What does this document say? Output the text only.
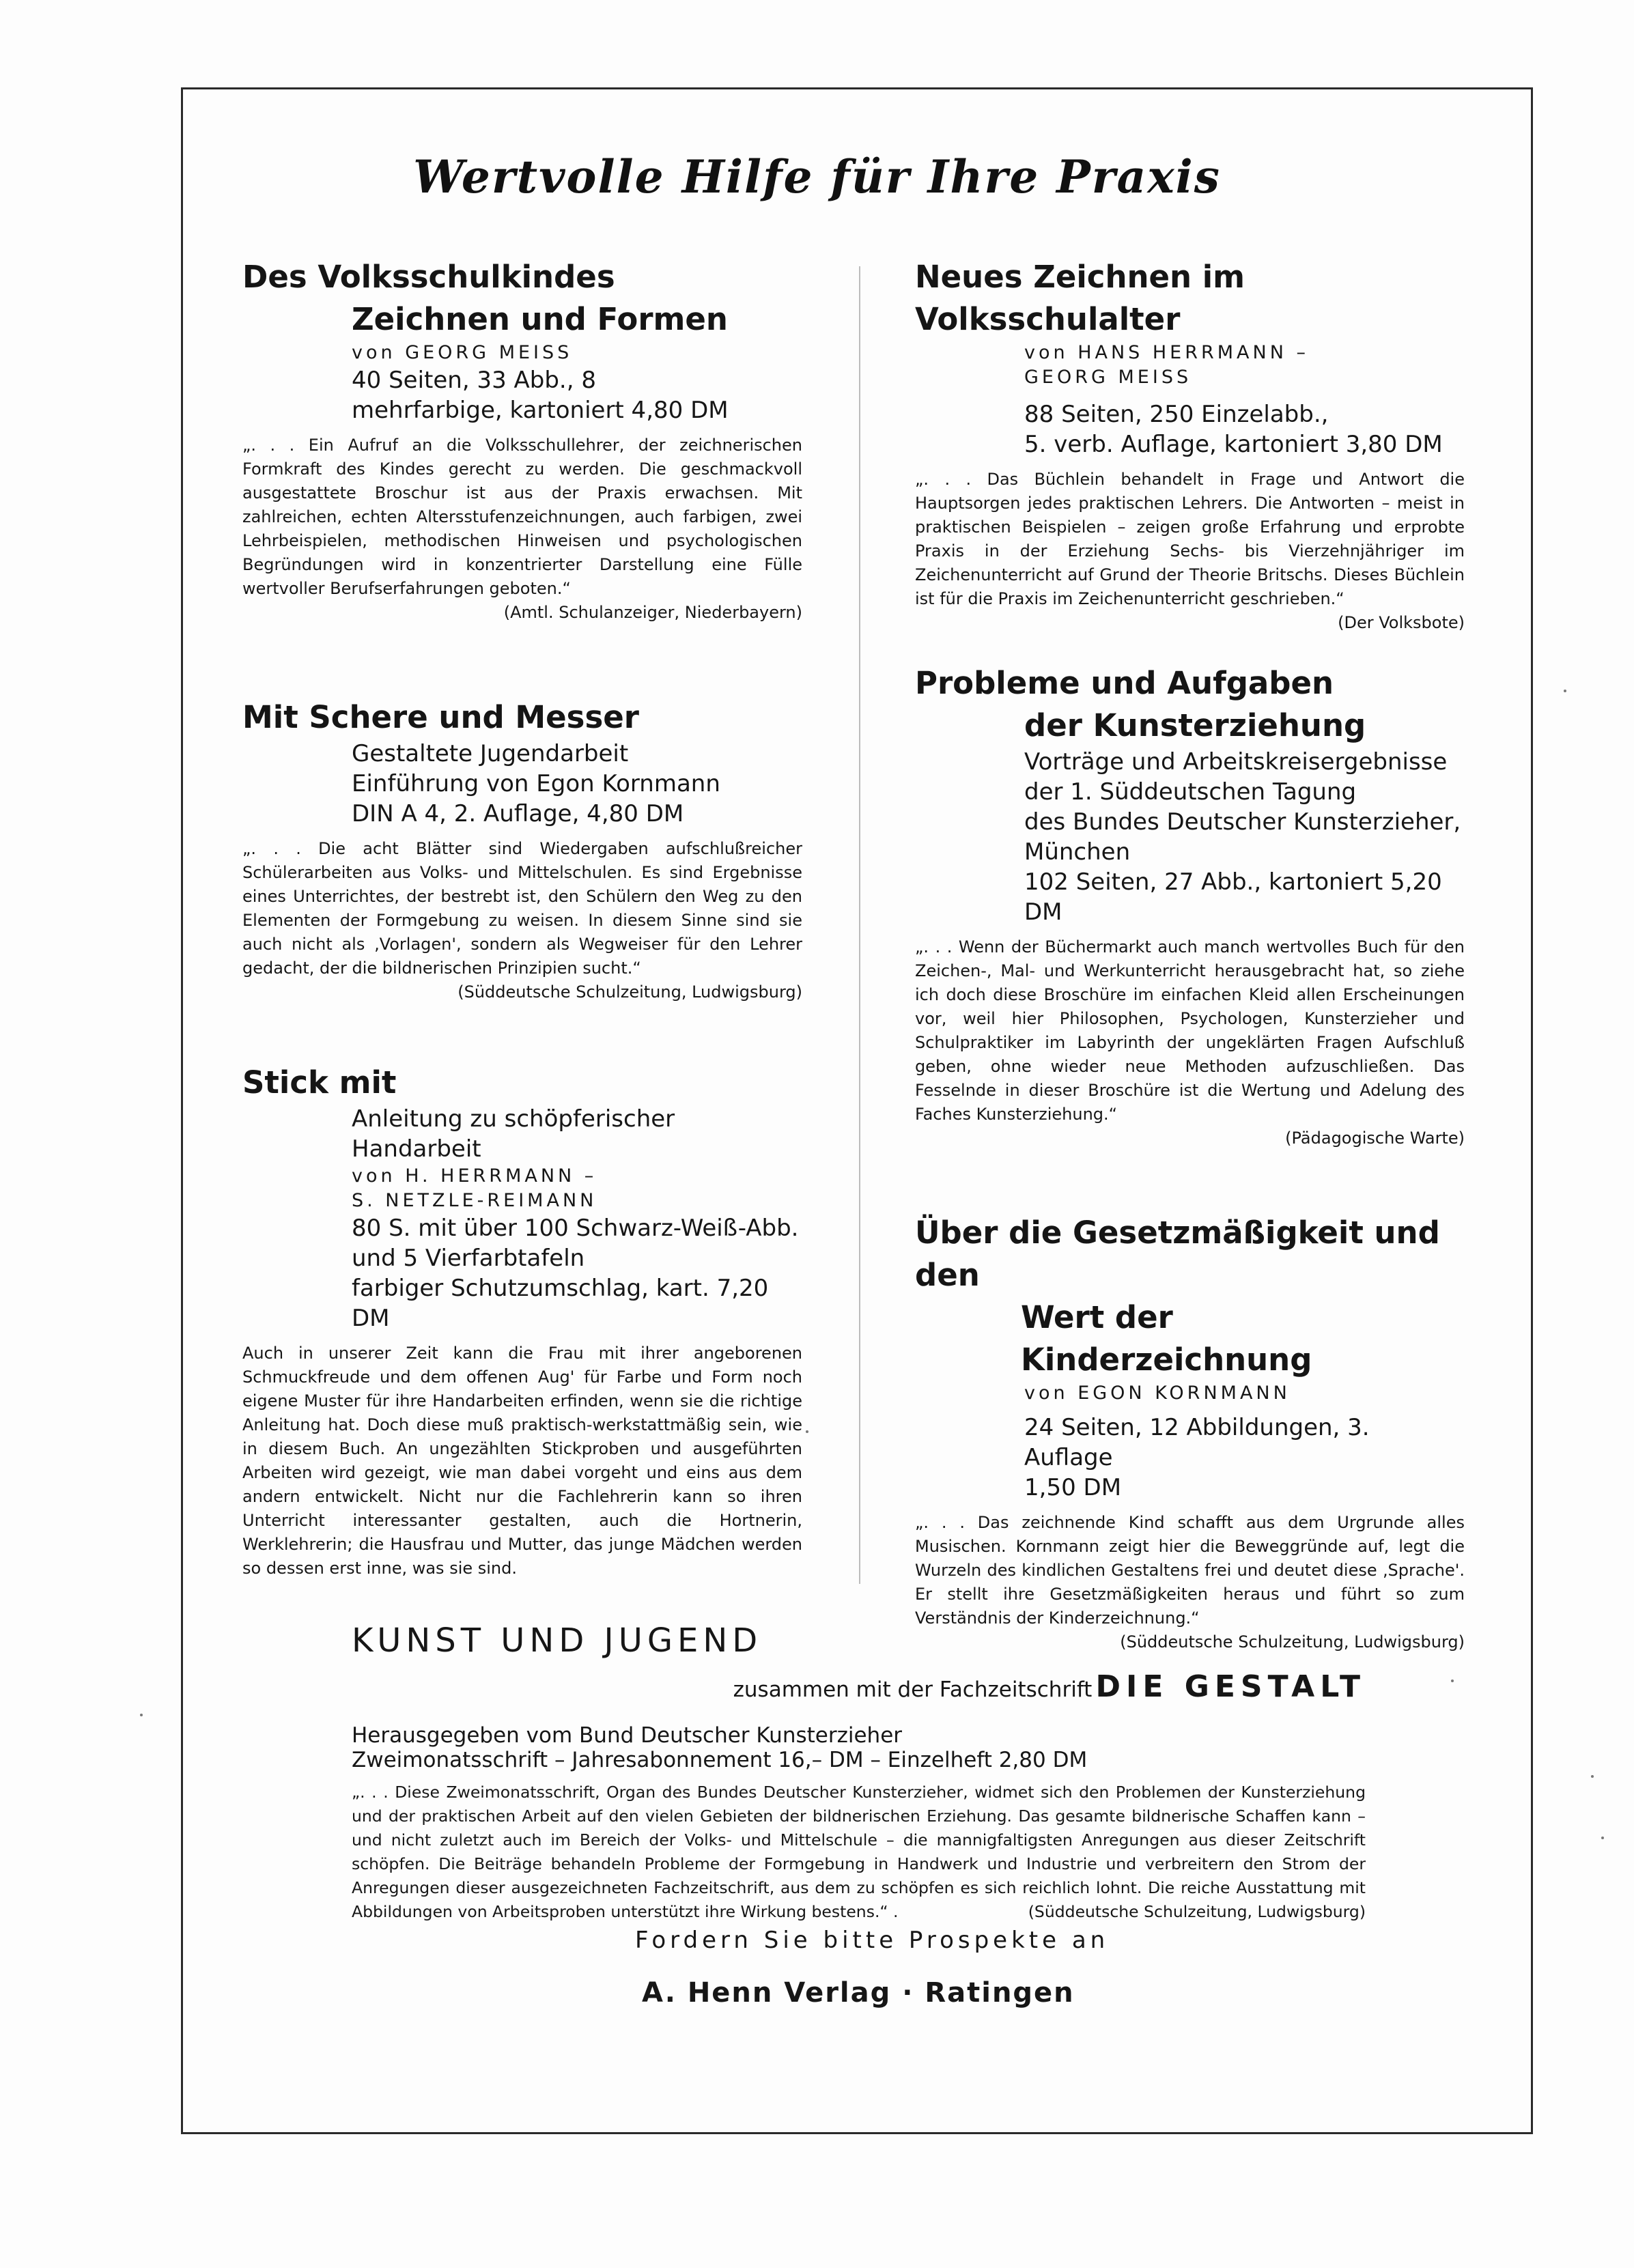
Wertvolle Hilfe für Ihre Praxis
Des Volksschulkindes
Zeichnen und Formen
von GEORG MEISS
40 Seiten, 33 Abb., 8 mehrfarbige, kartoniert 4,80 DM
„. . . Ein Aufruf an die Volksschullehrer, der zeichnerischen Formkraft des Kindes gerecht zu werden. Die geschmackvoll ausgestattete Broschur ist aus der Praxis erwachsen. Mit zahlreichen, echten Altersstufenzeichnungen, auch farbigen, zwei Lehrbeispielen, methodischen Hinweisen und psychologischen Begründungen wird in konzentrierter Darstellung eine Fülle wertvoller Berufserfahrungen geboten.“
(Amtl. Schulanzeiger, Niederbayern)
Mit Schere und Messer
Gestaltete Jugendarbeit
Einführung von Egon Kornmann
DIN A 4, 2. Auflage, 4,80 DM
„. . . Die acht Blätter sind Wiedergaben aufschlußreicher Schülerarbeiten aus Volks- und Mittelschulen. Es sind Ergebnisse eines Unterrichtes, der bestrebt ist, den Schülern den Weg zu den Elementen der Formgebung zu weisen. In diesem Sinne sind sie auch nicht als ‚Vorlagen', sondern als Wegweiser für den Lehrer gedacht, der die bildnerischen Prinzipien sucht.“
(Süddeutsche Schulzeitung, Ludwigsburg)
Stick mit
Anleitung zu schöpferischer Handarbeit
von H. HERRMANN –
S. NETZLE-REIMANN
80 S. mit über 100 Schwarz-Weiß-Abb.
und 5 Vierfarbtafeln
farbiger Schutzumschlag, kart. 7,20 DM
Auch in unserer Zeit kann die Frau mit ihrer angeborenen Schmuckfreude und dem offenen Aug' für Farbe und Form noch eigene Muster für ihre Handarbeiten erfinden, wenn sie die richtige Anleitung hat. Doch diese muß praktisch-werkstattmäßig sein, wie in diesem Buch. An ungezählten Stickproben und ausgeführten Arbeiten wird gezeigt, wie man dabei vorgeht und eins aus dem andern entwickelt. Nicht nur die Fachlehrerin kann so ihren Unterricht interessanter gestalten, auch die Hortnerin, Werklehrerin; die Hausfrau und Mutter, das junge Mädchen werden so dessen erst inne, was sie sind.
Neues Zeichnen im Volksschulalter
von HANS HERRMANN –
GEORG MEISS
88 Seiten, 250 Einzelabb.,
5. verb. Auflage, kartoniert 3,80 DM
„. . . Das Büchlein behandelt in Frage und Antwort die Hauptsorgen jedes praktischen Lehrers. Die Antworten – meist in praktischen Beispielen – zeigen große Erfahrung und erprobte Praxis in der Erziehung Sechs- bis Vierzehnjähriger im Zeichenunterricht auf Grund der Theorie Britschs. Dieses Büchlein ist für die Praxis im Zeichenunterricht geschrieben.“
(Der Volksbote)
Probleme und Aufgaben
der Kunsterziehung
Vorträge und Arbeitskreisergebnisse
der 1. Süddeutschen Tagung
des Bundes Deutscher Kunsterzieher,
München
102 Seiten, 27 Abb., kartoniert 5,20 DM
„. . . Wenn der Büchermarkt auch manch wertvolles Buch für den Zeichen-, Mal- und Werkunterricht herausgebracht hat, so ziehe ich doch diese Broschüre im einfachen Kleid allen Erscheinungen vor, weil hier Philosophen, Psychologen, Kunsterzieher und Schulpraktiker im Labyrinth der ungeklärten Fragen Aufschluß geben, ohne wieder neue Methoden aufzuschließen. Das Fesselnde in dieser Broschüre ist die Wertung und Adelung des Faches Kunsterziehung.“

(Pädagogische Warte)
Über die Gesetzmäßigkeit und den
Wert der Kinderzeichnung
von EGON KORNMANN
24 Seiten, 12 Abbildungen, 3. Auflage
1,50 DM
„. . . Das zeichnende Kind schafft aus dem Urgrunde alles Musischen. Kornmann zeigt hier die Beweggründe auf, legt die Wurzeln des kindlichen Gestaltens frei und deutet diese ‚Sprache'. Er stellt ihre Gesetzmäßigkeiten heraus und führt so zum Verständnis der Kinderzeichnung.“

(Süddeutsche Schulzeitung, Ludwigsburg)
KUNST UND JUGEND
zusammen mit der Fachzeitschrift DIE GESTALT
Herausgegeben vom Bund Deutscher Kunsterzieher
Zweimonatsschrift – Jahresabonnement 16,– DM – Einzelheft 2,80 DM
„. . . Diese Zweimonatsschrift, Organ des Bundes Deutscher Kunsterzieher, widmet sich den Problemen der Kunsterziehung und der praktischen Arbeit auf den vielen Gebieten der bildnerischen Erziehung. Das gesamte bildnerische Schaffen kann – und nicht zuletzt auch im Bereich der Volks- und Mittelschule – die mannigfaltigsten Anregungen aus dieser Zeitschrift schöpfen. Die Beiträge behandeln Probleme der Formgebung in Handwerk und Industrie und verbreitern den Strom der Anregungen dieser ausgezeichneten Fachzeitschrift, aus dem zu schöpfen es sich reichlich lohnt. Die reiche Ausstattung mit Abbildungen von Arbeitsproben unterstützt ihre Wirkung bestens.“ .	(Süddeutsche Schulzeitung, Ludwigsburg)
Fordern Sie bitte Prospekte an
A. Henn Verlag · Ratingen
